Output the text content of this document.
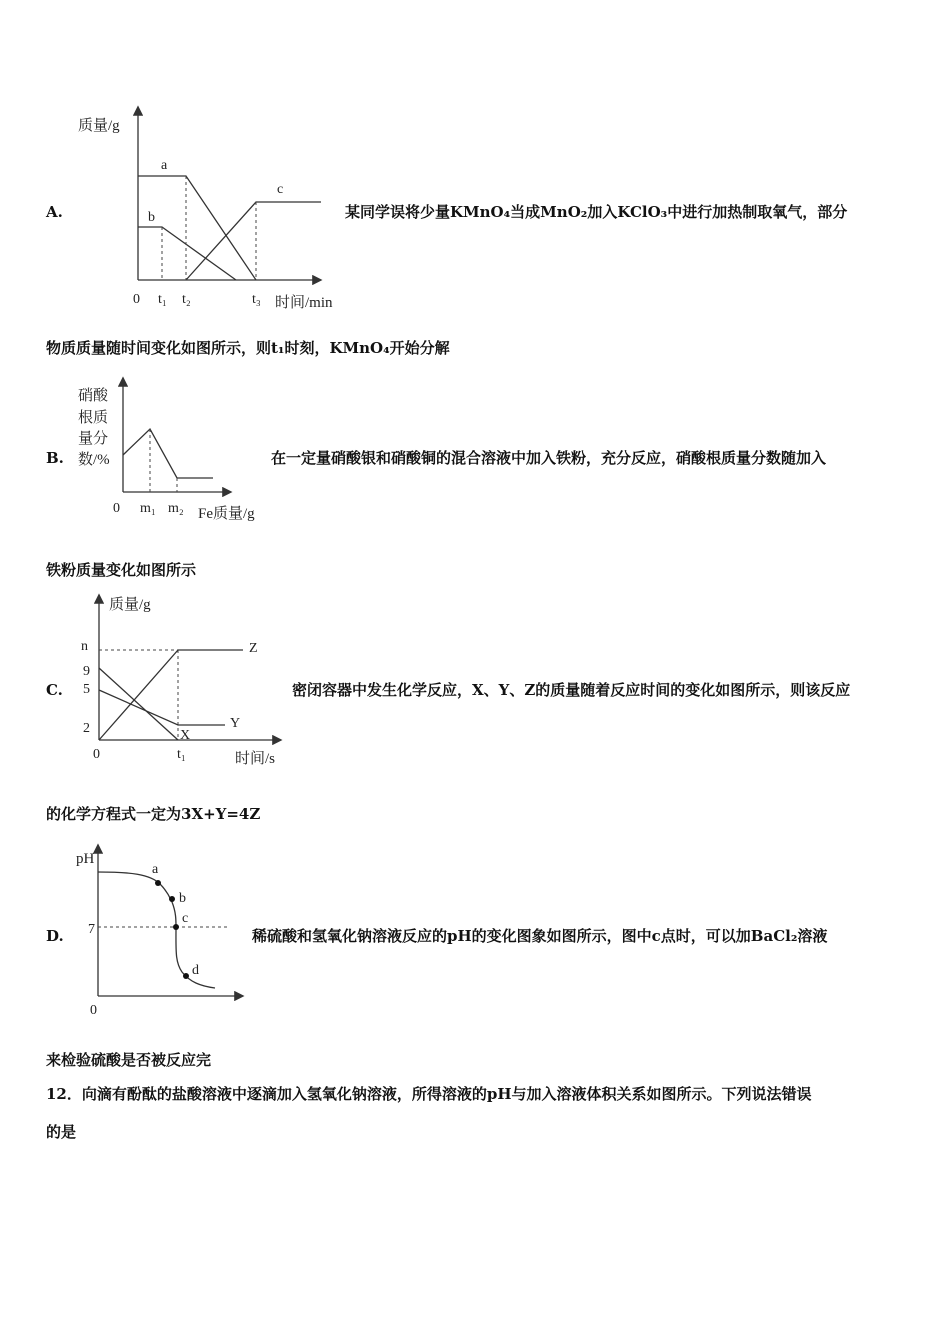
A.
质量/g
时间/min
0 t₁ t₂	t₃
a
b
c
某同学误将少量KMnO₄当成MnO₂加入KClO₃中进行加热制取氧气，部分
物质质量随时间变化如图所示，则t₁时刻，KMnO₄开始分解
B.
硝酸
根质
量分
数/%
0 m₁ m₂ Fe质量/g
在一定量硝酸银和硝酸铜的混合溶液中加入铁粉，充分反应，硝酸根质量分数随加入
铁粉质量变化如图所示
C.
质量/g
时间/s
n
9
5
2
0	t₁
Z
Y
X
密闭容器中发生化学反应，X、Y、Z的质量随着反应时间的变化如图所示，则该反应
的化学方程式一定为3X+Y=4Z
D.
pH
7
0
a
b
c
d
稀硫酸和氢氧化钠溶液反应的pH的变化图象如图所示，图中c点时，可以加BaCl₂溶液
来检验硫酸是否被反应完
12．向滴有酚酞的盐酸溶液中逐滴加入氢氧化钠溶液，所得溶液的pH与加入溶液体积关系如图所示。下列说法错误
的是
